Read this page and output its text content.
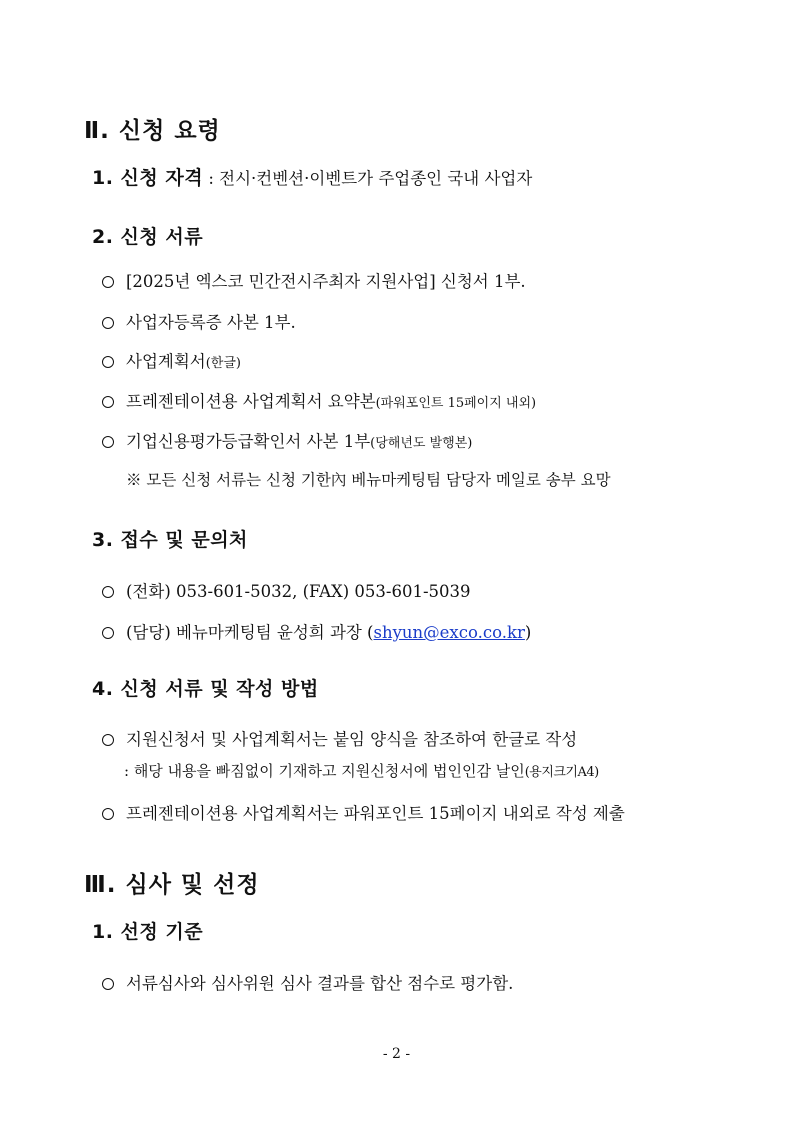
Ⅱ. 신청 요령
1. 신청 자격 : 전시·컨벤션·이벤트가 주업종인 국내 사업자
2. 신청 서류
[2025년 엑스코 민간전시주최자 지원사업] 신청서 1부.
사업자등록증 사본 1부.
사업계획서(한글)
프레젠테이션용 사업계획서 요약본(파워포인트 15페이지 내외)
기업신용평가등급확인서 사본 1부(당해년도 발행본)
※ 모든 신청 서류는 신청 기한內 베뉴마케팅팀 담당자 메일로 송부 요망
3. 접수 및 문의처
(전화) 053-601-5032, (FAX) 053-601-5039
(담당) 베뉴마케팅팀 윤성희 과장 (shyun@exco.co.kr)
4. 신청 서류 및 작성 방법
지원신청서 및 사업계획서는 붙임 양식을 참조하여 한글로 작성
: 해당 내용을 빠짐없이 기재하고 지원신청서에 법인인감 날인(용지크기A4)
프레젠테이션용 사업계획서는 파워포인트 15페이지 내외로 작성 제출
Ⅲ. 심사 및 선정
1. 선정 기준
서류심사와 심사위원 심사 결과를 합산 점수로 평가함.
- 2 -
